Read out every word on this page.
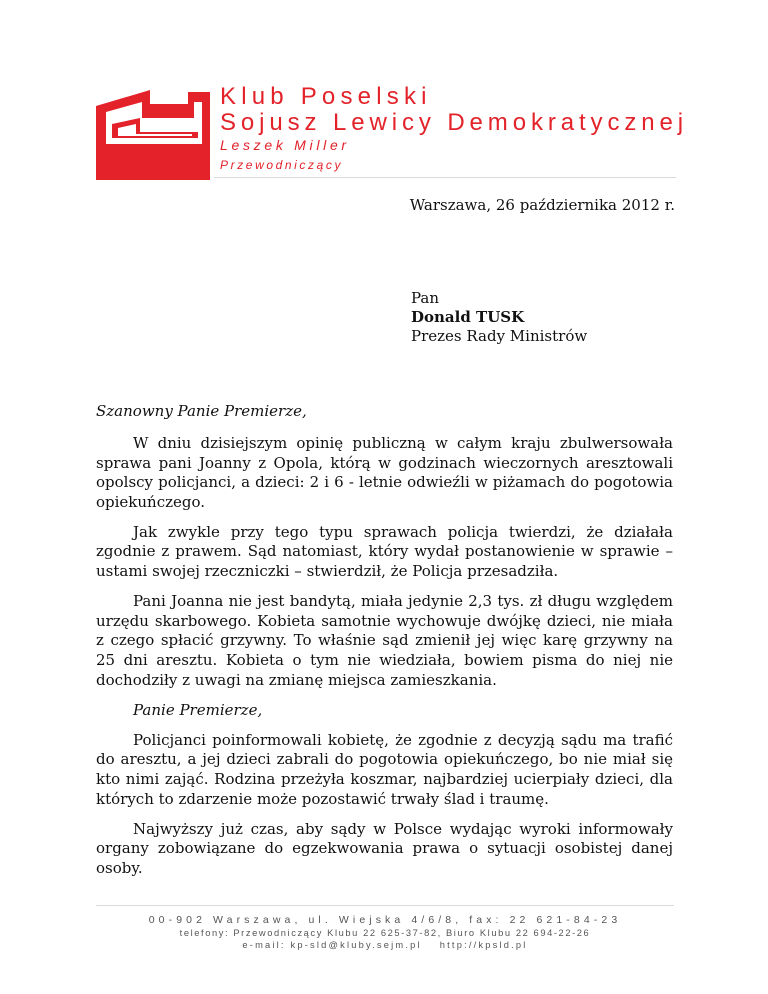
Klub Poselski
Sojusz Lewicy Demokratycznej
Leszek Miller
Przewodniczący
Warszawa, 26 października 2012 r.
Pan
Donald TUSK
Prezes Rady Ministrów
Szanowny Panie Premierze,

W dniu dzisiejszym opinię publiczną w całym kraju zbulwersowała sprawa pani Joanny z Opola, którą w godzinach wieczornych aresztowali opolscy policjanci, a dzieci: 2 i 6 - letnie odwieźli w piżamach do pogotowia opiekuńczego.

Jak zwykle przy tego typu sprawach policja twierdzi, że działała zgodnie z prawem. Sąd natomiast, który wydał postanowienie w sprawie – ustami swojej rzeczniczki – stwierdził, że Policja przesadziła.

Pani Joanna nie jest bandytą, miała jedynie 2,3 tys. zł długu względem urzędu skarbowego. Kobieta samotnie wychowuje dwójkę dzieci, nie miała z czego spłacić grzywny. To właśnie sąd zmienił jej więc karę grzywny na 25 dni aresztu. Kobieta o tym nie wiedziała, bowiem pisma do niej nie dochodziły z uwagi na zmianę miejsca zamieszkania.

Panie Premierze,

Policjanci poinformowali kobietę, że zgodnie z decyzją sądu ma trafić do aresztu, a jej dzieci zabrali do pogotowia opiekuńczego, bo nie miał się kto nimi zająć. Rodzina przeżyła koszmar, najbardziej ucierpiały dzieci, dla których to zdarzenie może pozostawić trwały ślad i traumę.

Najwyższy już czas, aby sądy w Polsce wydając wyroki informowały organy zobowiązane do egzekwowania prawa o sytuacji osobistej danej osoby.

00-902 Warszawa, ul. Wiejska 4/6/8, fax: 22 621-84-23
telefony: Przewodniczący Klubu 22 625-37-82, Biuro Klubu 22 694-22-26
e-mail: kp-sld@kluby.sejm.pl http://kpsld.pl
